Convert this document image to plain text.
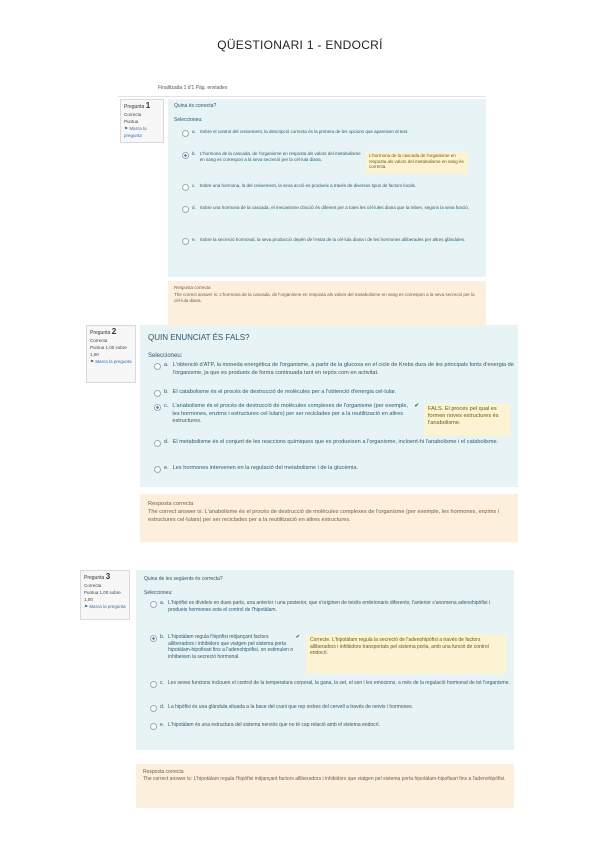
QÜESTIONARI 1 - ENDOCRÍ
Finalitzada 1 d'1 Pàg. enviades
Pregunta 1
Correcta
Puntua
⚑ Marca la pregunta
Quina és correcta?
Seleccioneu:
a. Sobre el control del creixement, la descripció correcta és la primera de les opcions que apareixen al text.
b. L'hormona de la cascada, de l'organisme en resposta als valors del metabolisme en sang es correspon a la seva secreció per la cèl·lula diana.
L'hormona de la cascada de l'organisme en resposta als valors del metabolisme en sang és correcta.
c. Sobre una hormona, la del creixement, la seva acció es produeix a través de diversos tipus de factors locals.
d. Sobre una hormona de la cascada, el mecanisme d'acció és diferent per a totes les cèl·lules diana que la reben, segons la seva funció.
e. Sobre la secreció hormonal, la seva producció depèn de l'estat de la cèl·lula diana i de les hormones alliberades per altres glàndules.
Resposta correcta
The correct answer is: L'hormona de la cascada, de l'organisme en resposta als valors del metabolisme en sang es correspon a la seva secreció per la cèl·lula diana.
Pregunta 2
Correcta
Puntua 1,00 sobre 1,00
⚑ Marca la pregunta
QUIN ENUNCIAT ÉS FALS?
Seleccioneu:
a. L'obtenció d'ATP, la moneda energètica de l'organisme, a partir de la glucosa en el cicle de Krebs dura de les principals fonts d'energia de l'organisme, ja que es produeix de forma continuada tant en repòs com en activitat.
b. El catabolisme és el procés de destrucció de molècules per a l'obtenció d'energia cel·lular.
c. L'anabolisme és el procés de destrucció de molècules complexes de l'organisme (per exemple, les hormones, enzims i estructures cel·lulars) per ser reciclades per a la reutilització en altres estructures.
✔	FALS. El procés pel qual es formen noves estructures és l'anabolisme.
d. El metabolisme és el conjunt de les reaccions químiques que es produeixen a l'organisme, incloent-hi l'anabolisme i el catabolisme.
e. Les hormones intervenen en la regulació del metabolisme i de la glucèmia.
Resposta correcta
The correct answer is: L'anabolisme és el procés de destrucció de molècules complexes de l'organisme (per exemple, les hormones, enzims i estructures cel·lulars) per ser reciclades per a la reutilització en altres estructures.
Pregunta 3
Correcta
Puntua 1,00 sobre 1,00
⚑ Marca la pregunta
Quina de les següents és correcta?
Seleccioneu:
a. L'hipòfisi es divideix en dues parts, una anterior i una posterior, que s'originen de teixits embrionaris diferents; l'anterior s'anomena adenohipòfisi i produeix hormones sota el control de l'hipotàlam.
b. L'hipotàlam regula l'hipòfisi mitjançant factors alliberadors i inhibidors que viatgen pel sistema porta hipotàlam-hipofisari fins a l'adenohipòfisi, on estimulen o inhibeixen la secreció hormonal.
✔	Correcte. L'hipotàlam regula la secreció de l'adenohipòfisi a través de factors alliberadors i inhibidors transportats pel sistema porta, amb una funció de control endocrí.
c. Les seves funcions inclouen el control de la temperatura corporal, la gana, la set, el son i les emocions, a més de la regulació hormonal de tot l'organisme.
d. La hipòfisi és una glàndula situada a la base del crani que rep ordres del cervell a través de nervis i hormones.
e. L'hipotàlam és una estructura del sistema nerviós que no té cap relació amb el sistema endocrí.
Resposta correcta
The correct answer is: L'hipotàlam regula l'hipòfisi mitjançant factors alliberadors i inhibidors que viatgen pel sistema porta hipotàlam-hipofisari fins a l'adenohipòfisi.
